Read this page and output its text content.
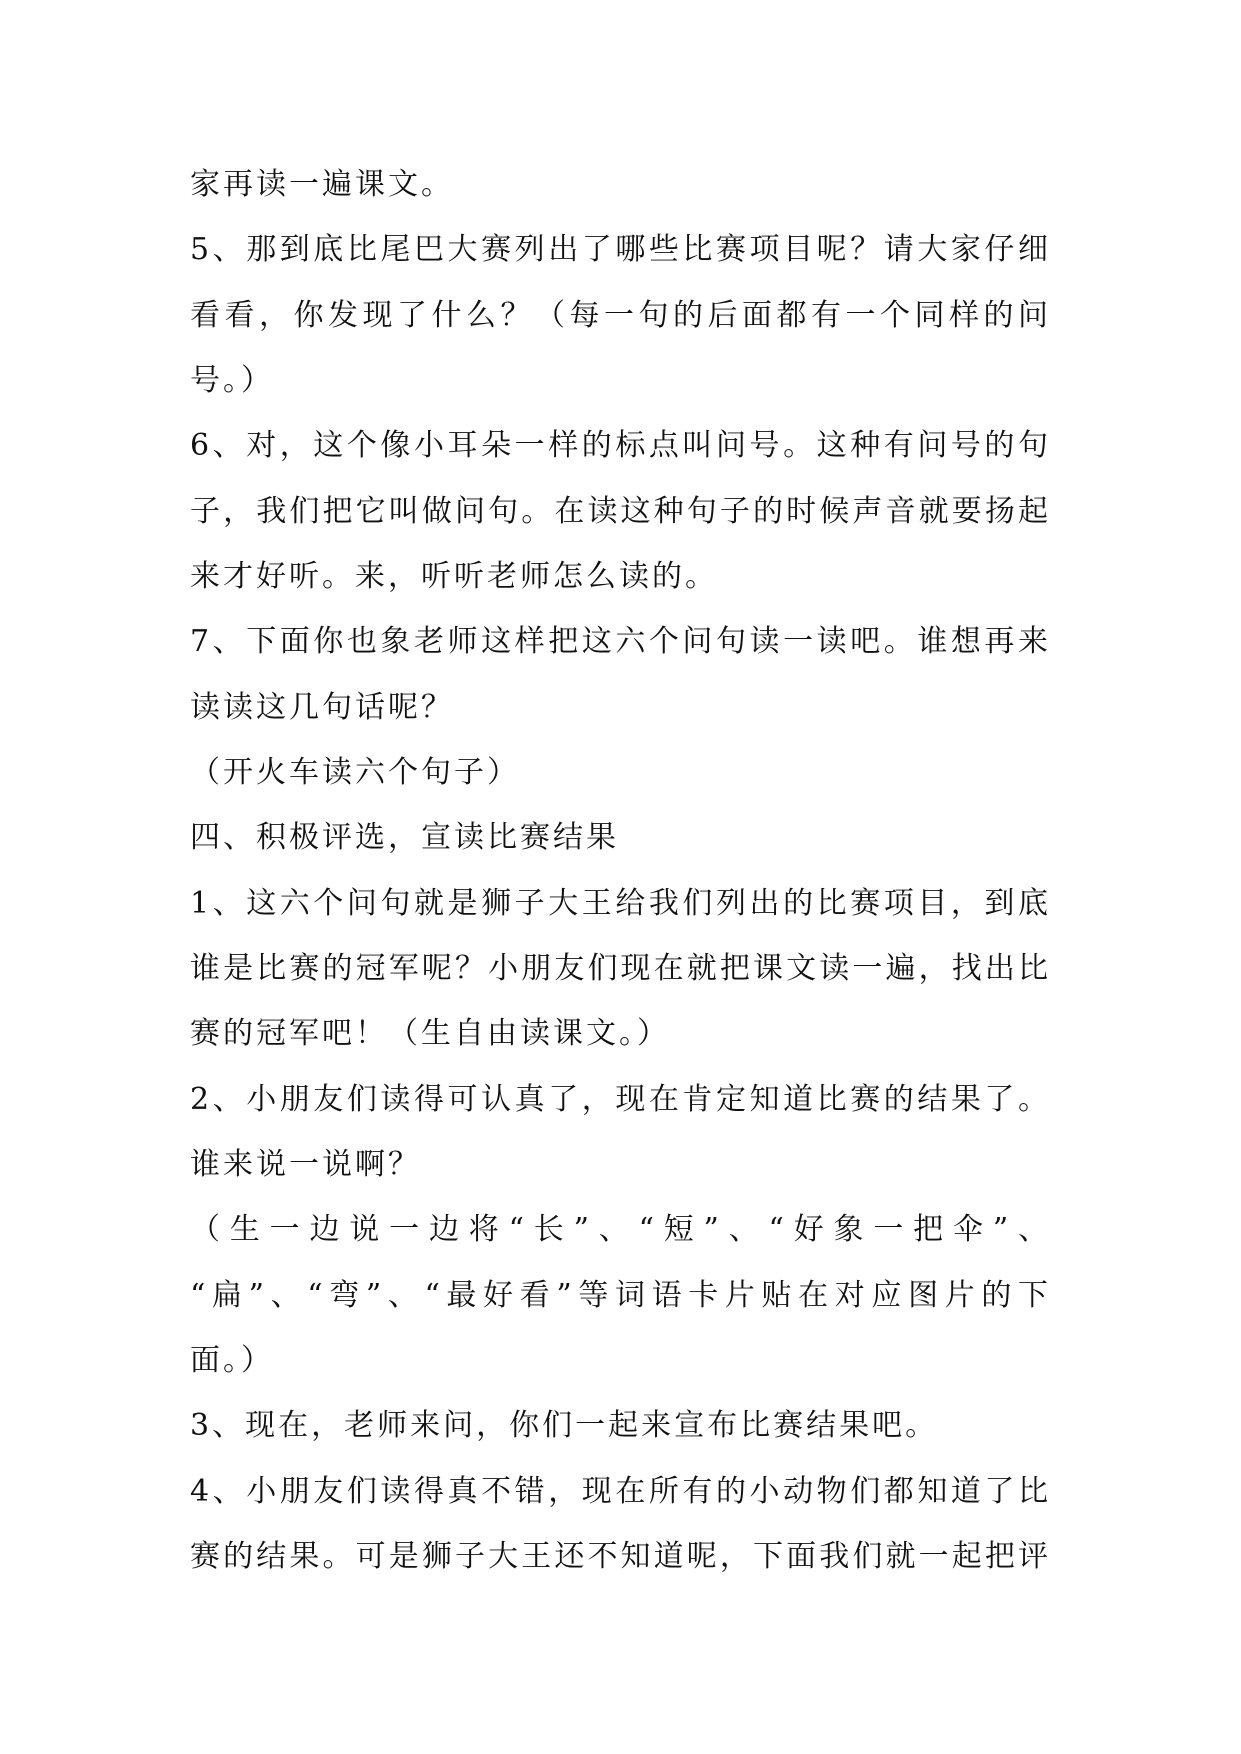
家再读一遍课文。
5、那到底比尾巴大赛列出了哪些比赛项目呢？请大家仔细
看看，你发现了什么？（每一句的后面都有一个同样的问
号。）
6、对，这个像小耳朵一样的标点叫问号。这种有问号的句
子，我们把它叫做问句。在读这种句子的时候声音就要扬起
来才好听。来，听听老师怎么读的。
7、下面你也象老师这样把这六个问句读一读吧。谁想再来
读读这几句话呢？
（开火车读六个句子）
四、积极评选，宣读比赛结果
1、这六个问句就是狮子大王给我们列出的比赛项目，到底
谁是比赛的冠军呢？小朋友们现在就把课文读一遍，找出比
赛的冠军吧！（生自由读课文。）
2、小朋友们读得可认真了，现在肯定知道比赛的结果了。
谁来说一说啊？
（生一边说一边将“长”、“短”、“好象一把伞”、
“扁”、“弯”、“最好看”等词语卡片贴在对应图片的下
面。）
3、现在，老师来问，你们一起来宣布比赛结果吧。
4、小朋友们读得真不错，现在所有的小动物们都知道了比
赛的结果。可是狮子大王还不知道呢，下面我们就一起把评
